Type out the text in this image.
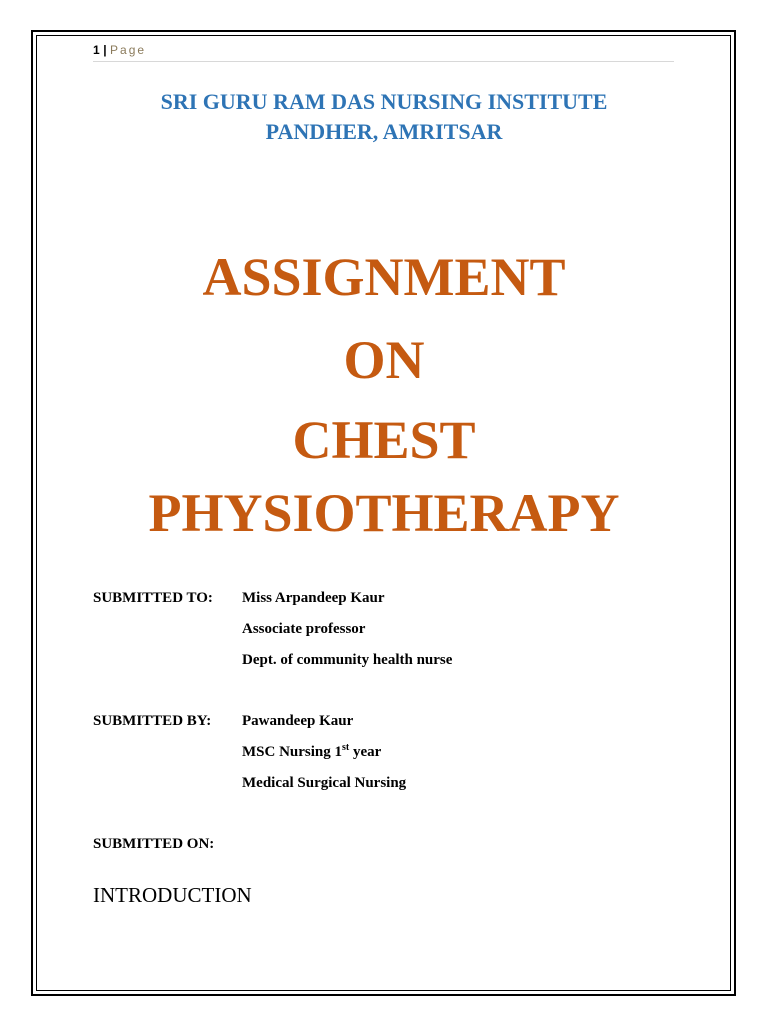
1 | Page
SRI GURU RAM DAS NURSING INSTITUTE
PANDHER, AMRITSAR
ASSIGNMENT
ON
CHEST
PHYSIOTHERAPY
SUBMITTED TO: Miss Arpandeep Kaur
Associate professor
Dept. of community health nurse
SUBMITTED BY: Pawandeep Kaur
MSC Nursing 1st year
Medical Surgical Nursing
SUBMITTED ON:
INTRODUCTION
